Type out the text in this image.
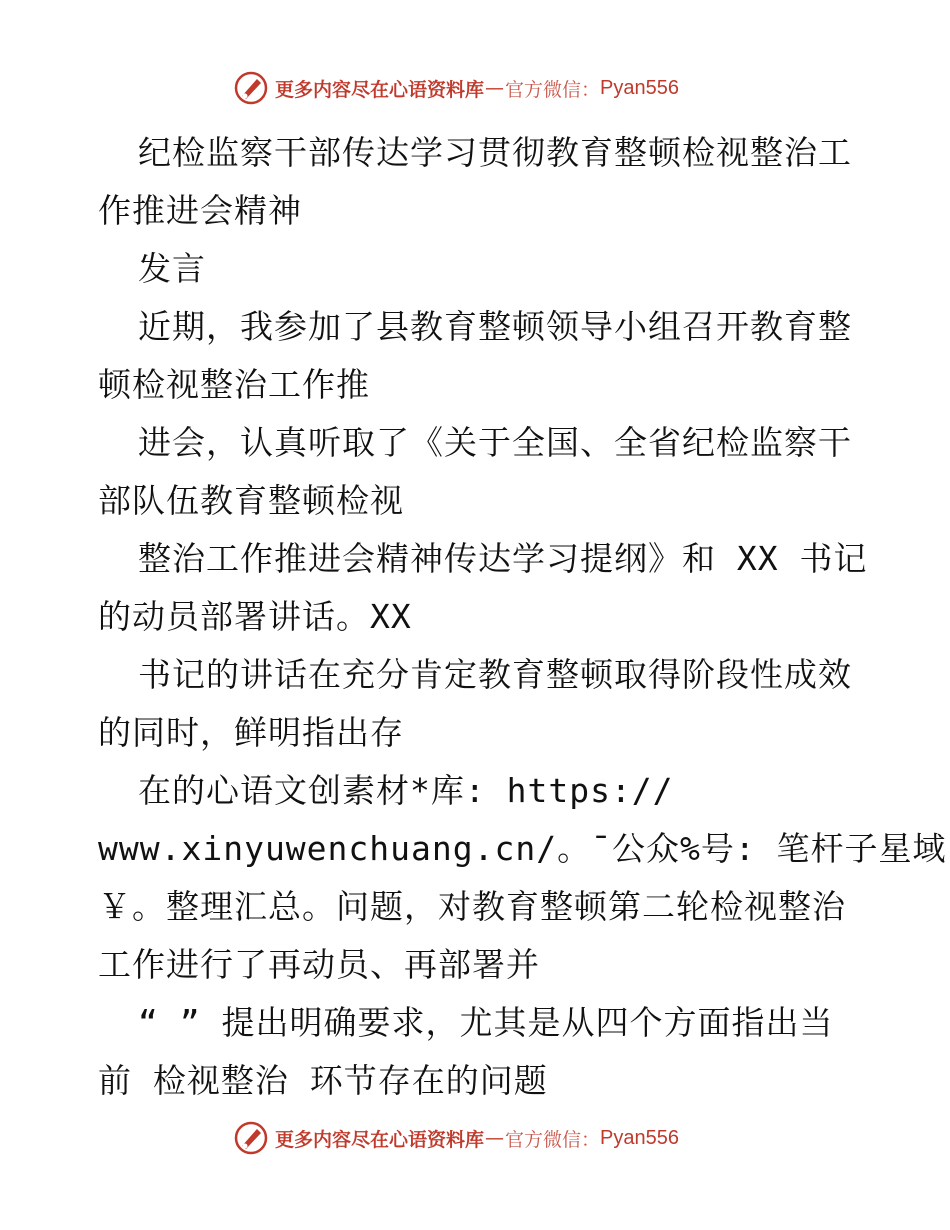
更多内容尽在心语资料库 — 官方微信： Pyan556
纪检监察干部传达学习贯彻教育整顿检视整治工
作推进会精神
发言
近期，我参加了县教育整顿领导小组召开教育整
顿检视整治工作推
进会，认真听取了《关于全国、全省纪检监察干
部队伍教育整顿检视
整治工作推进会精神传达学习提纲》和 XX 书记
的动员部署讲话。XX
书记的讲话在充分肯定教育整顿取得阶段性成效
的同时，鲜明指出存
在的心语文创素材*库: https://
www.xinyuwenchuang.cn/。¯公众%号: 笔杆子星域
￥。整理汇总。问题，对教育整顿第二轮检视整治
工作进行了再动员、再部署并
“ ” 提出明确要求，尤其是从四个方面指出当
前 检视整治 环节存在的问题
更多内容尽在心语资料库 — 官方微信： Pyan556
